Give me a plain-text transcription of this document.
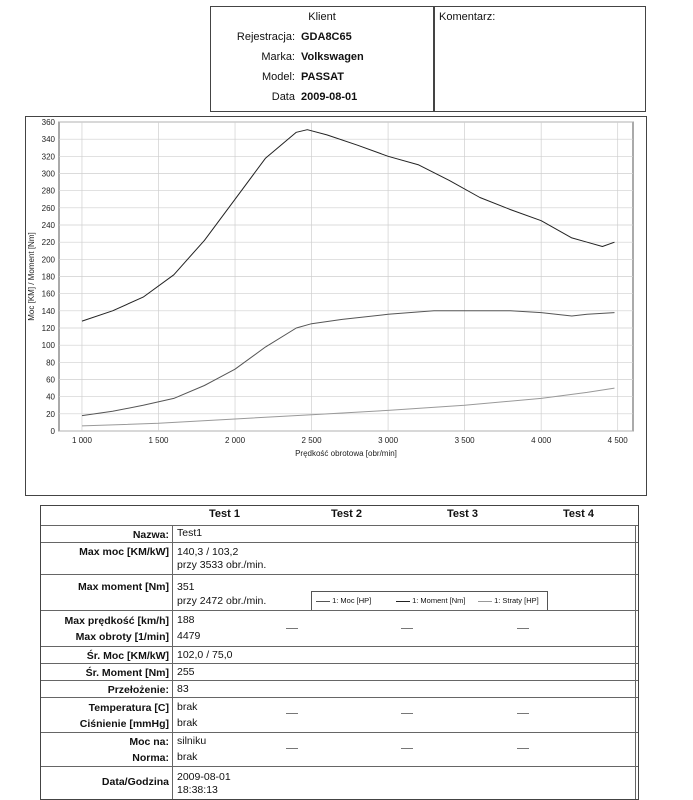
Klient
Rejestracja: GDA8C65
Marka: Volkswagen
Model: PASSAT
Data 2009-08-01
Komentarz:
0
20
40
60
80
100
120
140
160
180
200
220
240
260
280
300
320
340
360
1 000	1 500	2 000	2 500	3 000	3 500	4 000	4 500
Prędkość obrotowa [obr/min]
Moc [KM] / Moment [Nm]
1: Moc [HP]	1: Moment [Nm]	1: Straty [HP]
Test 1	Test 2	Test 3	Test 4
Nazwa: Test1
Max moc [KM/kW] 140,3 / 103,2
przy 3533 obr./min.
Max moment [Nm] 351
przy 2472 obr./min.
Max prędkość [km/h] 188
Max obroty [1/min] 4479
Śr. Moc [KM/kW] 102,0 / 75,0
Śr. Moment [Nm] 255
Przełożenie: 83
Temperatura [C] brak
Ciśnienie [mmHg] brak
Moc na: silniku
Norma: brak
Data/Godzina 2009-08-01
18:38:13
